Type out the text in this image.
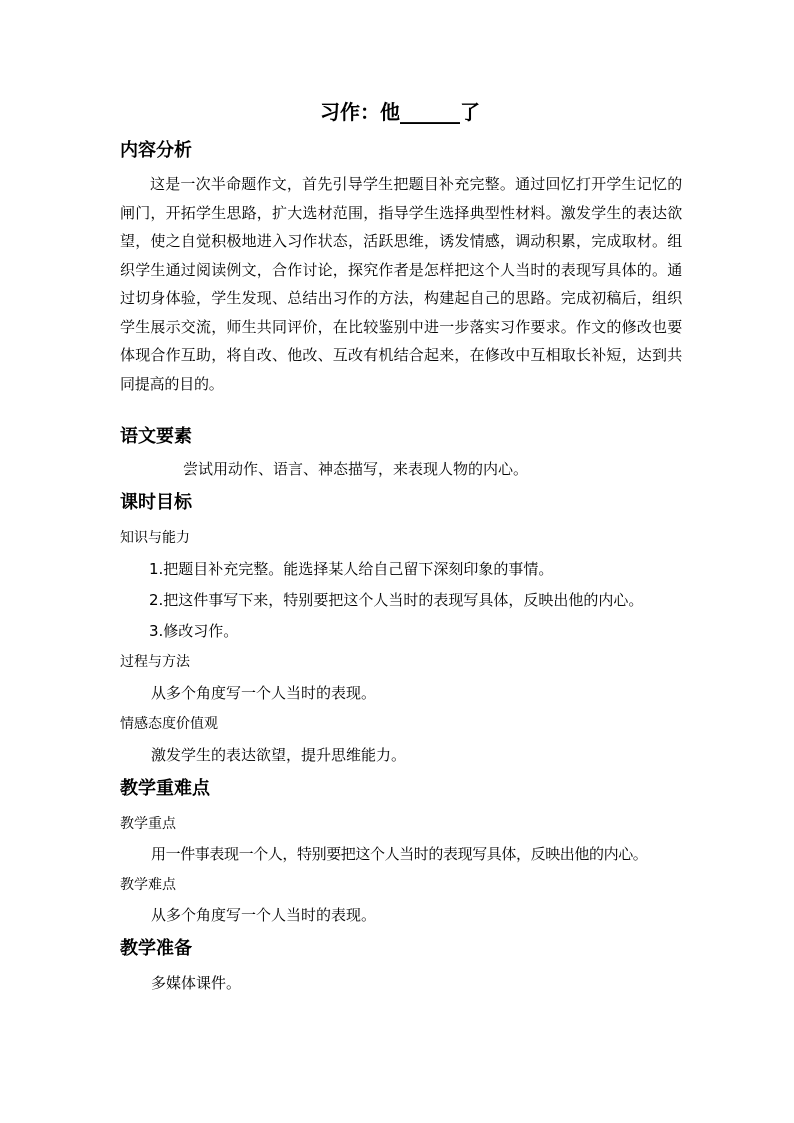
习作：他______了
内容分析
这是一次半命题作文，首先引导学生把题目补充完整。通过回忆打开学生记忆的闸门，开拓学生思路，扩大选材范围，指导学生选择典型性材料。激发学生的表达欲望，使之自觉积极地进入习作状态，活跃思维，诱发情感，调动积累，完成取材。组织学生通过阅读例文，合作讨论，探究作者是怎样把这个人当时的表现写具体的。通过切身体验，学生发现、总结出习作的方法，构建起自己的思路。完成初稿后，组织学生展示交流，师生共同评价，在比较鉴别中进一步落实习作要求。作文的修改也要体现合作互助，将自改、他改、互改有机结合起来，在修改中互相取长补短，达到共同提高的目的。
语文要素
尝试用动作、语言、神态描写，来表现人物的内心。
课时目标
知识与能力
1.把题目补充完整。能选择某人给自己留下深刻印象的事情。
2.把这件事写下来，特别要把这个人当时的表现写具体，反映出他的内心。
3.修改习作。
过程与方法
从多个角度写一个人当时的表现。
情感态度价值观
激发学生的表达欲望，提升思维能力。
教学重难点
教学重点
用一件事表现一个人，特别要把这个人当时的表现写具体，反映出他的内心。
教学难点
从多个角度写一个人当时的表现。
教学准备
多媒体课件。
